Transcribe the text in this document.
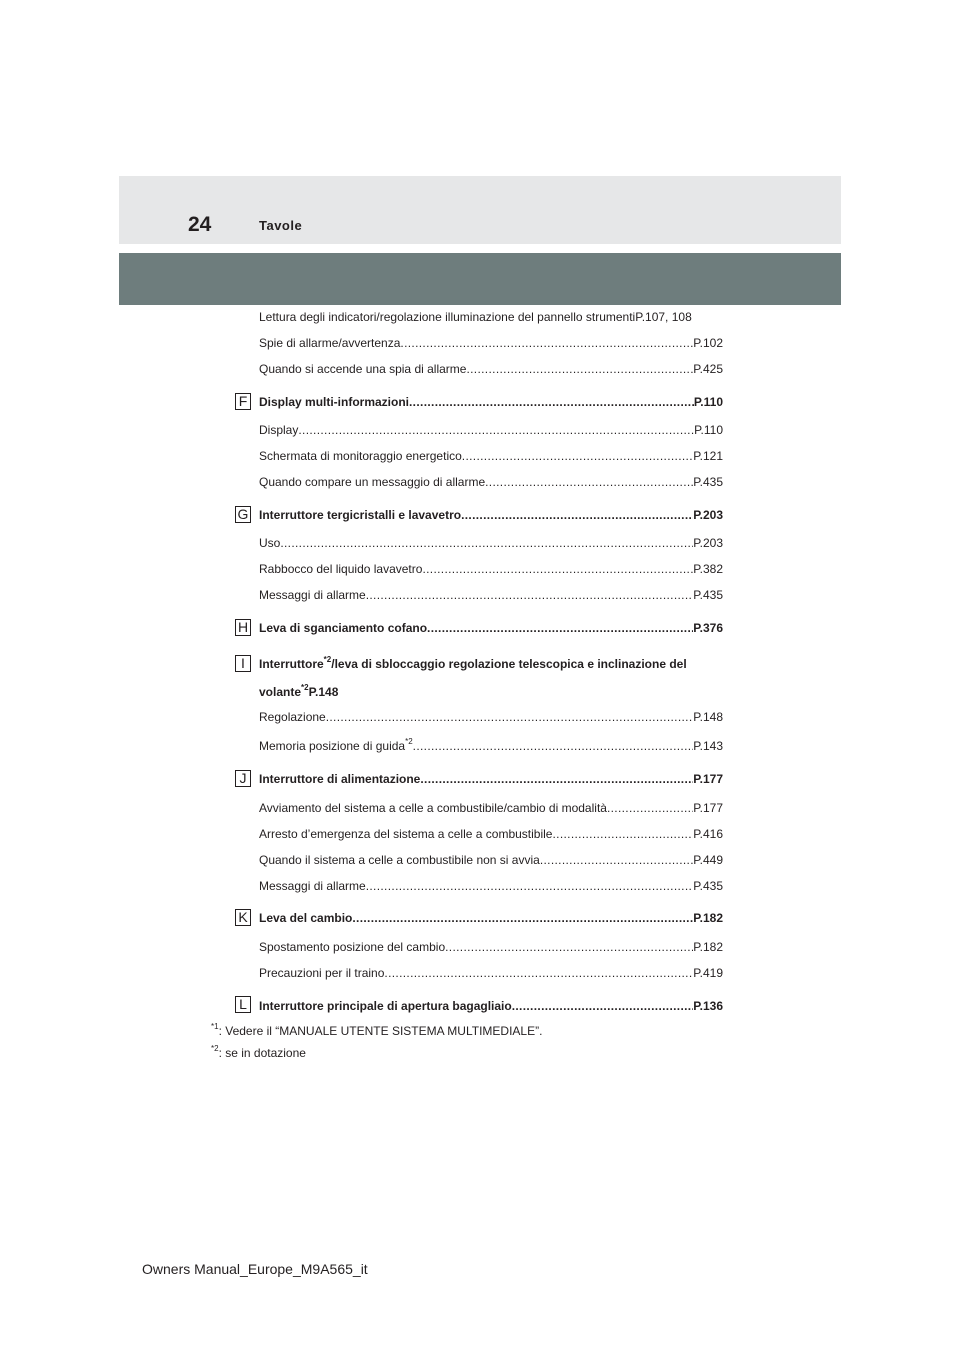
24	Tavole
Lettura degli indicatori/regolazione illuminazione del pannello strumentiP.107, 108
Spie di allarme/avvertenza . . .	P.102
Quando si accende una spia di allarme . . .	P.425
F Display multi-informazioni . . .	P.110
Display . . .	P.110
Schermata di monitoraggio energetico . . .	P.121
Quando compare un messaggio di allarme . . .	P.435
G Interruttore tergicristalli e lavavetro . . .	P.203
Uso . . .	P.203
Rabbocco del liquido lavavetro . . .	P.382
Messaggi di allarme . . .	P.435
H Leva di sganciamento cofano . . .	P.376
I	Interruttore$^{*2}$/leva di sbloccaggio regolazione telescopica e inclinazione del
volante$^{*2}$P.148
Regolazione . . .	P.148
Memoria posizione di guida$^{*2}$ . . .	P.143
J	Interruttore di alimentazione . . .	P.177
Avviamento del sistema a celle a combustibile/cambio di modalità . . .	P.177
Arresto d’emergenza del sistema a celle a combustibile . . .	P.416
Quando il sistema a celle a combustibile non si avvia . . .	P.449
Messaggi di allarme . . .	P.435
K Leva del cambio . . .	P.182
Spostamento posizione del cambio . . .	P.182
Precauzioni per il traino . . .	P.419
L	Interruttore principale di apertura bagagliaio . . .	P.136
$^{*1}$: Vedere il “MANUALE UTENTE SISTEMA MULTIMEDIALE”.
$^{*2}$: se in dotazione
Owners Manual_Europe_M9A565_it
